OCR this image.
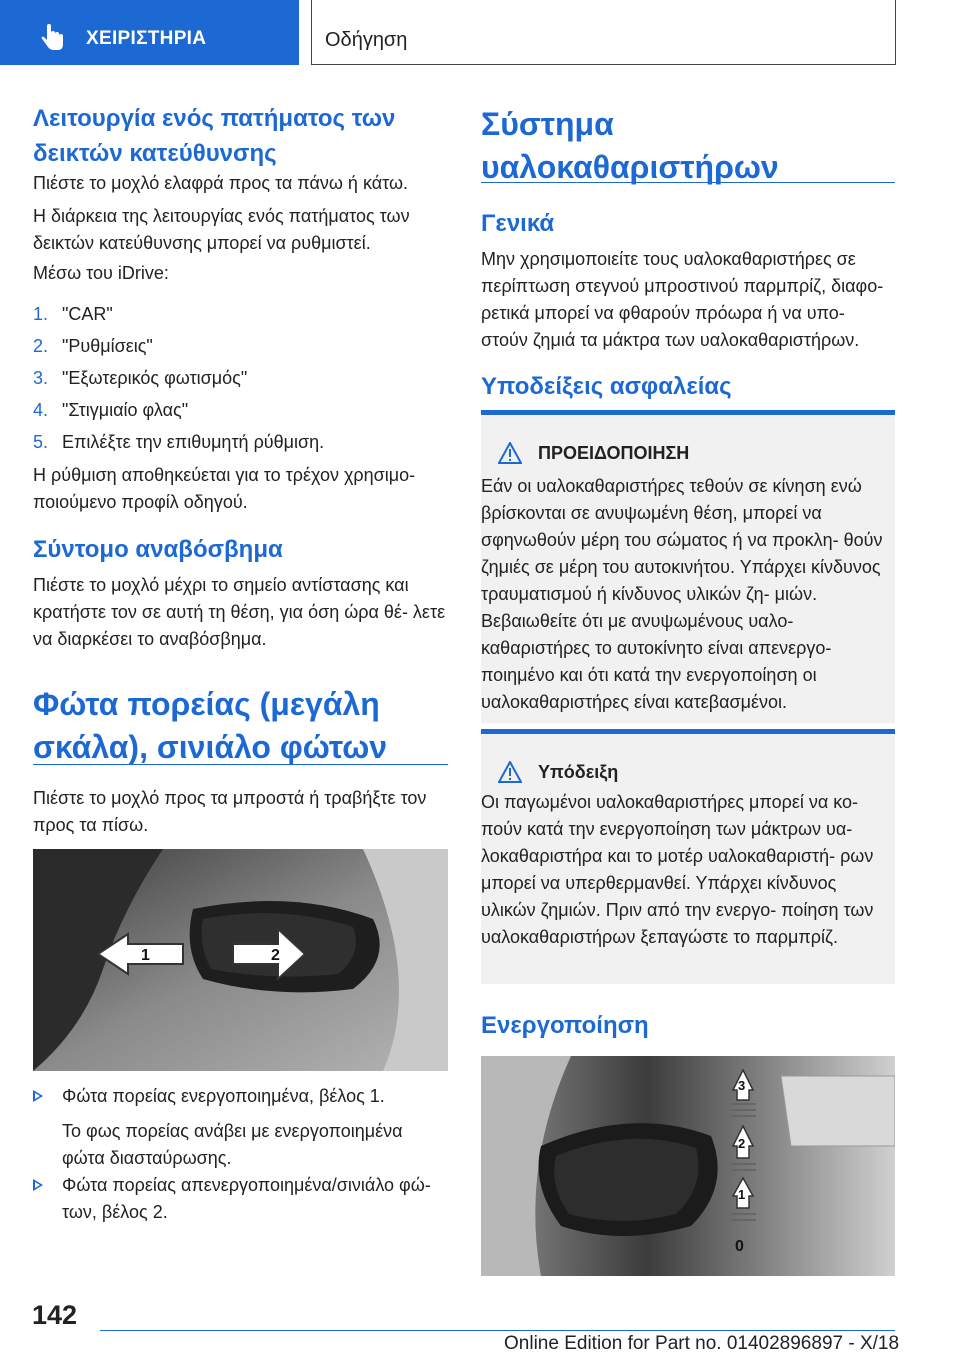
ΧΕΙΡΙΣΤΗΡΙΑ	Οδήγηση
Λειτουργία ενός πατήματος των δεικτών κατεύθυνσης

Πιέστε το μοχλό ελαφρά προς τα πάνω ή κάτω.

Η διάρκεια της λειτουργίας ενός πατήματος των δεικτών κατεύθυνσης μπορεί να ρυθμιστεί.

Μέσω του iDrive:

1. "CAR"
2. "Ρυθμίσεις"
3. "Εξωτερικός φωτισμός"
4. "Στιγμιαίο φλας"
5. Επιλέξτε την επιθυμητή ρύθμιση.

Η ρύθμιση αποθηκεύεται για το τρέχον χρησιμο- ποιούμενο προφίλ οδηγού.

Σύντομο αναβόσβημα

Πιέστε το μοχλό μέχρι το σημείο αντίστασης και κρατήστε τον σε αυτή τη θέση, για όση ώρα θέ- λετε να διαρκέσει το αναβόσβημα.

Φώτα πορείας (μεγάλη σκάλα), σινιάλο φώτων

Πιέστε το μοχλό προς τα μπροστά ή τραβήξτε τον προς τα πίσω.

1	2
Φώτα πορείας ενεργοποιημένα, βέλος 1.

Το φως πορείας ανάβει με ενεργοποιημένα φώτα διασταύρωσης.

Φώτα πορείας απενεργοποιημένα/σινιάλο φώ- των, βέλος 2.
Σύστημα υαλοκαθαριστήρων
Γενικά

Μην χρησιμοποιείτε τους υαλοκαθαριστήρες σε περίπτωση στεγνού μπροστινού παρμπρίζ, διαφο- ρετικά μπορεί να φθαρούν πρόωρα ή να υπο- στούν ζημιά τα μάκτρα των υαλοκαθαριστήρων.

Υποδείξεις ασφαλείας
ΠΡΟΕΙΔΟΠΟΙΗΣΗ
Εάν οι υαλοκαθαριστήρες τεθούν σε κίνηση ενώ βρίσκονται σε ανυψωμένη θέση, μπορεί να σφηνωθούν μέρη του σώματος ή να προκλη- θούν ζημιές σε μέρη του αυτοκινήτου. Υπάρχει κίνδυνος τραυματισμού ή κίνδυνος υλικών ζη- μιών. Βεβαιωθείτε ότι με ανυψωμένους υαλο- καθαριστήρες το αυτοκίνητο είναι απενεργο- ποιημένο και ότι κατά την ενεργοποίηση οι υαλοκαθαριστήρες είναι κατεβασμένοι.
Υπόδειξη
Οι παγωμένοι υαλοκαθαριστήρες μπορεί να κο- πούν κατά την ενεργοποίηση των μάκτρων υα- λοκαθαριστήρα και το μοτέρ υαλοκαθαριστή- ρων μπορεί να υπερθερμανθεί. Υπάρχει κίνδυνος υλικών ζημιών. Πριν από την ενεργο- ποίηση των υαλοκαθαριστήρων ξεπαγώστε το παρμπρίζ.
Ενεργοποίηση
3
2
1
0
142
Online Edition for Part no. 01402896897 - X/18
